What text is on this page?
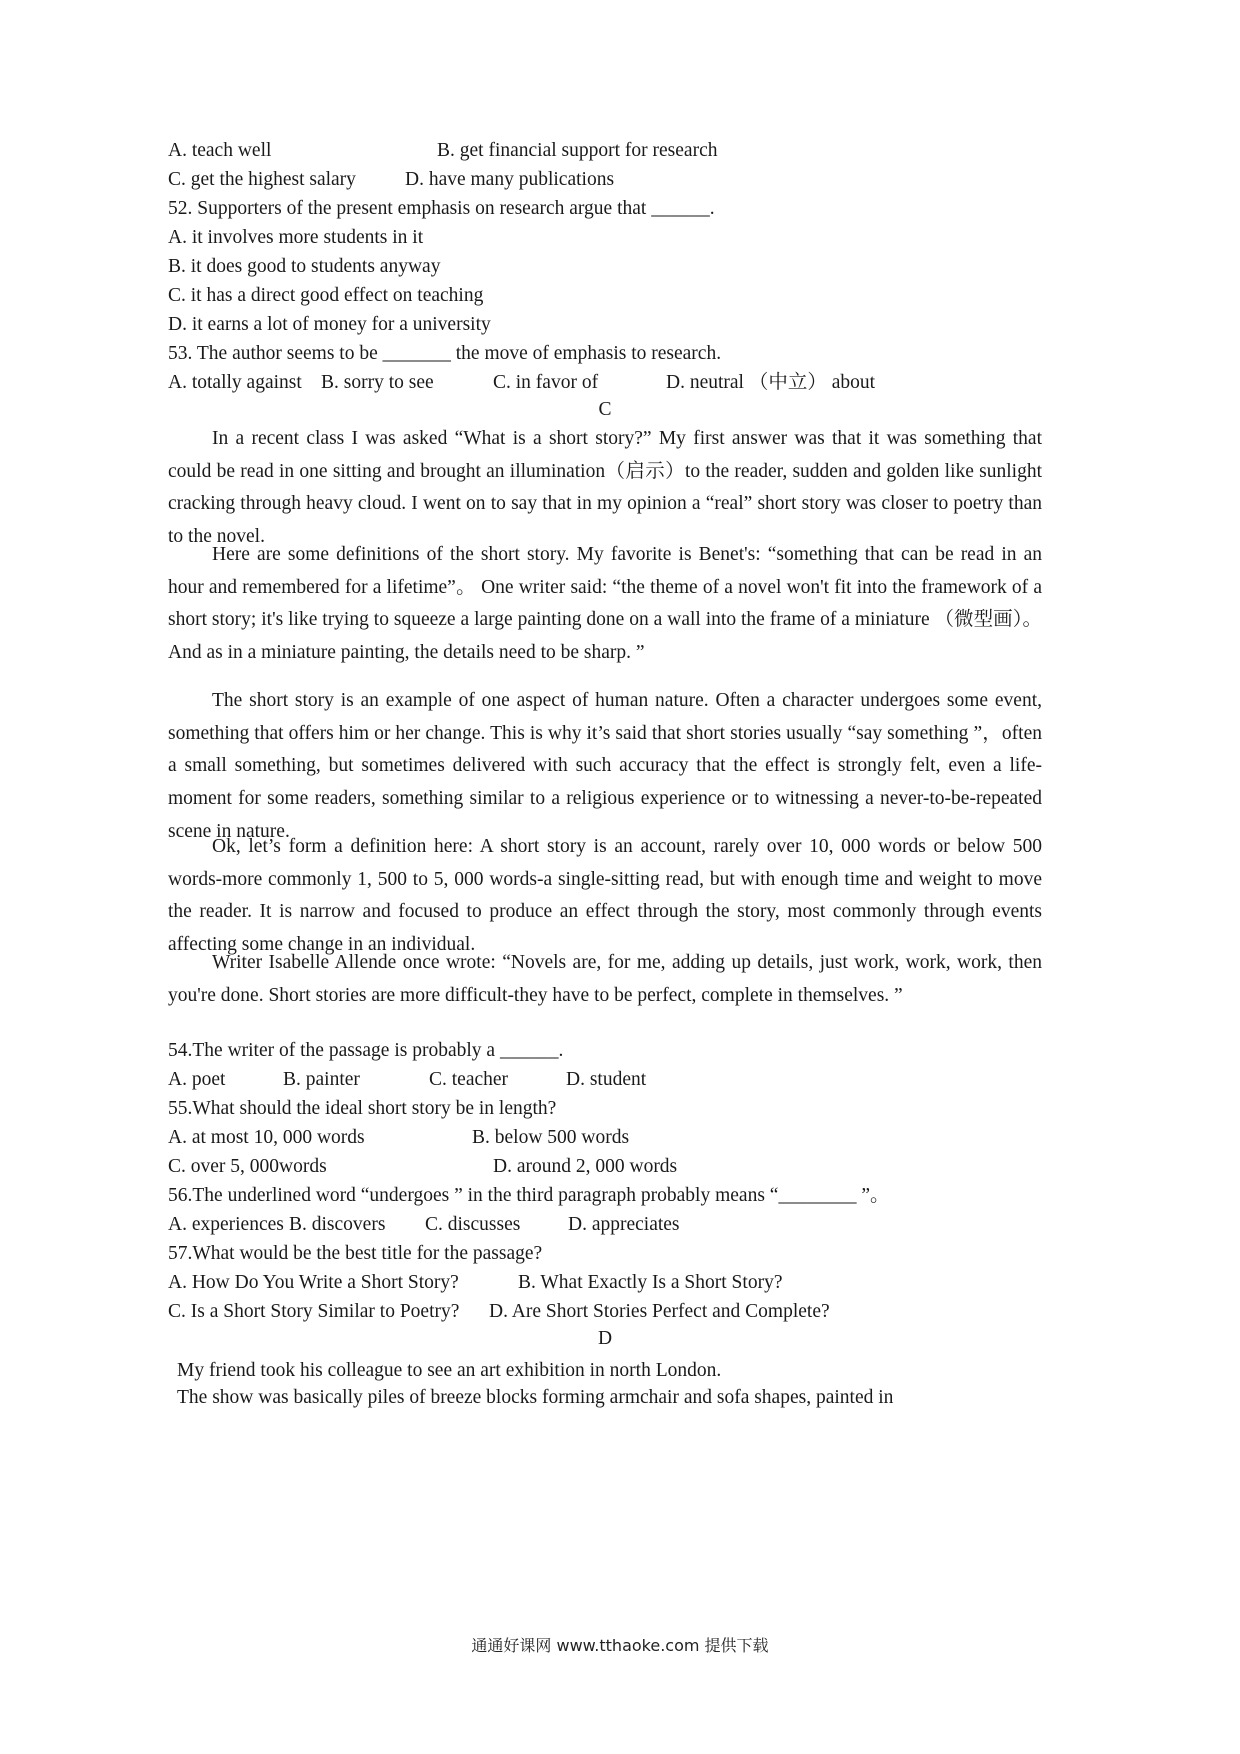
A. teach well	B. get financial support for research
C. get the highest salary	D. have many publications
52. Supporters of the present emphasis on research argue that ______.
A. it involves more students in it
B. it does good to students anyway
C. it has a direct good effect on teaching
D. it earns a lot of money for a university
53. The author seems to be _______ the move of emphasis to research.
A. totally against B. sorry to see	C. in favor of	D. neutral （中立） about
C
In a recent class I was asked “What is a short story?” My first answer was that it was something that could be read in one sitting and brought an illumination（启示）to the reader, sudden and golden like sunlight cracking through heavy cloud. I went on to say that in my opinion a “real” short story was closer to poetry than to the novel.
Here are some definitions of the short story. My favorite is Benet's: “something that can be read in an hour and remembered for a lifetime”。 One writer said: “the theme of a novel won't fit into the framework of a short story; it's like trying to squeeze a large painting done on a wall into the frame of a miniature （微型画）。 And as in a miniature painting, the details need to be sharp. ”
The short story is an example of one aspect of human nature. Often a character undergoes some event, something that offers him or her change. This is why it’s said that short stories usually “say something ”，often a small something, but sometimes delivered with such accuracy that the effect is strongly felt, even a life-moment for some readers, something similar to a religious experience or to witnessing a never-to-be-repeated scene in nature.
Ok, let’s form a definition here: A short story is an account, rarely over 10, 000 words or below 500 words-more commonly 1, 500 to 5, 000 words-a single-sitting read, but with enough time and weight to move the reader. It is narrow and focused to produce an effect through the story, most commonly through events affecting some change in an individual.
Writer Isabelle Allende once wrote: “Novels are, for me, adding up details, just work, work, work, then you're done. Short stories are more difficult-they have to be perfect, complete in themselves. ”
54.The writer of the passage is probably a ______.
A. poet	B. painter	C. teacher	D. student
55.What should the ideal short story be in length?
A. at most 10, 000 words	B. below 500 words
C. over 5, 000words	D. around 2, 000 words
56.The underlined word “undergoes ” in the third paragraph probably means “________ ”。
A. experiences B. discovers C. discusses D. appreciates
57.What would be the best title for the passage?
A. How Do You Write a Short Story?	B. What Exactly Is a Short Story?
C. Is a Short Story Similar to Poetry? D. Are Short Stories Perfect and Complete?
D
My friend took his colleague to see an art exhibition in north London.
The show was basically piles of breeze blocks forming armchair and sofa shapes, painted in
通通好课网 www.tthaoke.com 提供下载
